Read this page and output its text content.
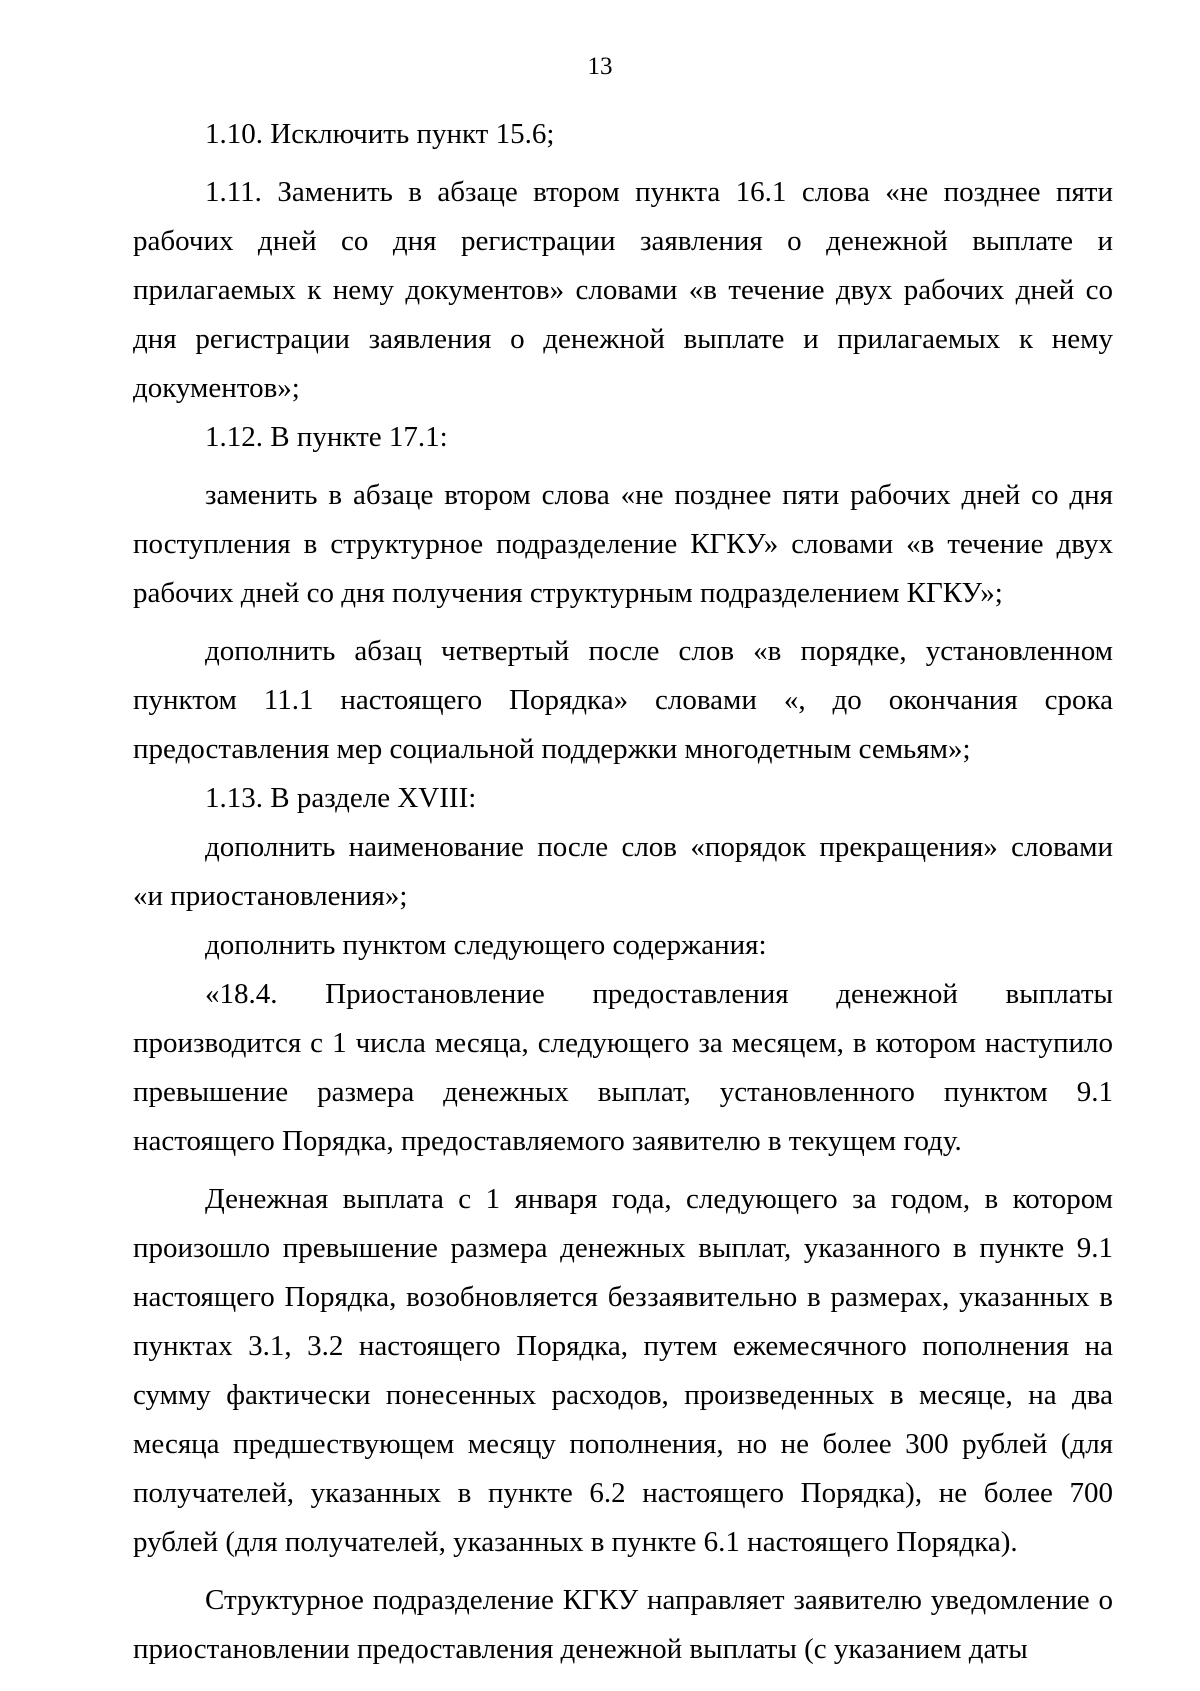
13

1.10. Исключить пункт 15.6;

1.11. Заменить в абзаце втором пункта 16.1 слова «не позднее пяти рабочих дней со дня регистрации заявления о денежной выплате и прилагаемых к нему документов» словами «в течение двух рабочих дней со дня регистрации заявления о денежной выплате и прилагаемых к нему документов»;

1.12. В пункте 17.1:

заменить в абзаце втором слова «не позднее пяти рабочих дней со дня поступления в структурное подразделение КГКУ» словами «в течение двух рабочих дней со дня получения структурным подразделением КГКУ»;

дополнить абзац четвертый после слов «в порядке, установленном пунктом 11.1 настоящего Порядка» словами «, до окончания срока предоставления мер социальной поддержки многодетным семьям»;

1.13. В разделе XVIII:

дополнить наименование после слов «порядок прекращения» словами «и приостановления»;

дополнить пунктом следующего содержания:

«18.4. Приостановление предоставления денежной выплаты производится с 1 числа месяца, следующего за месяцем, в котором наступило превышение размера денежных выплат, установленного пунктом 9.1 настоящего Порядка, предоставляемого заявителю в текущем году.

Денежная выплата с 1 января года, следующего за годом, в котором произошло превышение размера денежных выплат, указанного в пункте 9.1 настоящего Порядка, возобновляется беззаявительно в размерах, указанных в пунктах 3.1, 3.2 настоящего Порядка, путем ежемесячного пополнения на сумму фактически понесенных расходов, произведенных в месяце, на два месяца предшествующем месяцу пополнения, но не более 300 рублей (для получателей, указанных в пункте 6.2 настоящего Порядка), не более 700 рублей (для получателей, указанных в пункте 6.1 настоящего Порядка).

Структурное подразделение КГКУ направляет заявителю уведомление о приостановлении предоставления денежной выплаты (с указанием даты
